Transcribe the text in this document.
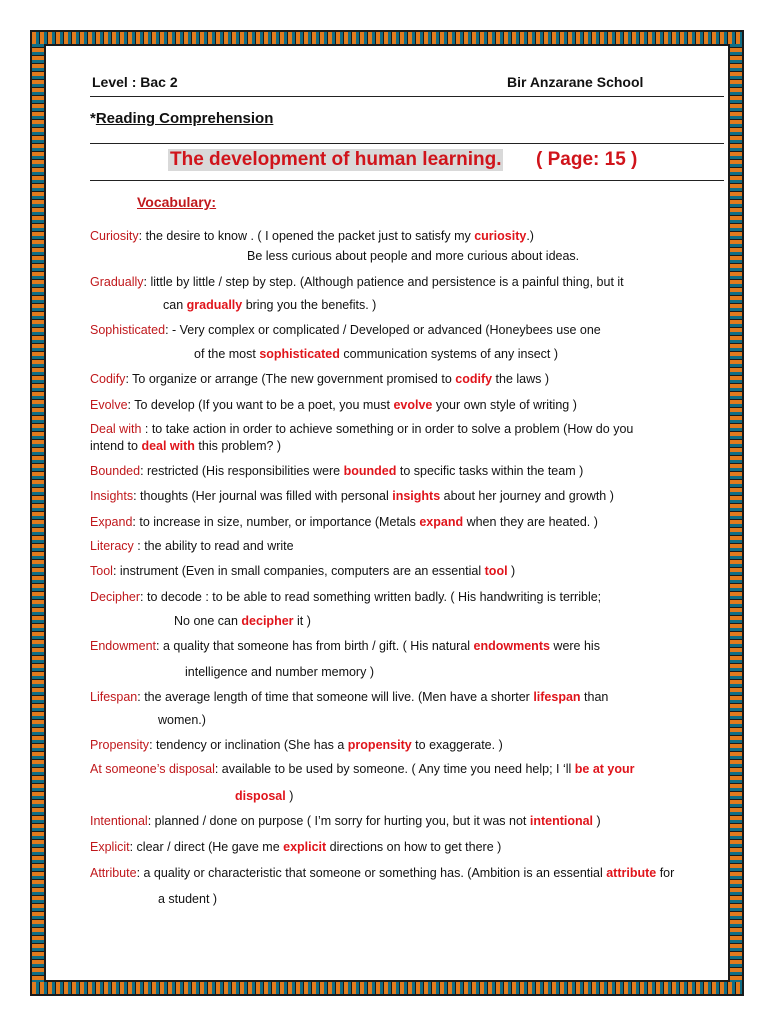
Level : Bac 2	Bir Anzarane School
*Reading Comprehension
The development of human learning. ( Page: 15 )
Vocabulary:
Curiosity: the desire to know . ( I opened the packet just to satisfy my curiosity.)
Be less curious about people and more curious about ideas.
Gradually: little by little / step by step. (Although patience and persistence is a painful thing, but it
can gradually bring you the benefits. )
Sophisticated: - Very complex or complicated / Developed or advanced (Honeybees use one
of the most sophisticated communication systems of any insect )
Codify: To organize or arrange (The new government promised to codify the laws )
Evolve: To develop (If you want to be a poet, you must evolve your own style of writing )
Deal with : to take action in order to achieve something or in order to solve a problem (How do you
intend to deal with this problem? )
Bounded: restricted (His responsibilities were bounded to specific tasks within the team )
Insights: thoughts (Her journal was filled with personal insights about her journey and growth )
Expand: to increase in size, number, or importance (Metals expand when they are heated. )
Literacy : the ability to read and write
Tool: instrument (Even in small companies, computers are an essential tool )
Decipher: to decode : to be able to read something written badly. ( His handwriting is terrible;
No one can decipher it )
Endowment: a quality that someone has from birth / gift. ( His natural endowments were his
intelligence and number memory )
Lifespan: the average length of time that someone will live. (Men have a shorter lifespan than
women.)
Propensity: tendency or inclination (She has a propensity to exaggerate. )
At someone’s disposal: available to be used by someone. ( Any time you need help; I ‘ll be at your
disposal )
Intentional: planned / done on purpose ( I’m sorry for hurting you, but it was not intentional )
Explicit: clear / direct (He gave me explicit directions on how to get there )
Attribute: a quality or characteristic that someone or something has. (Ambition is an essential attribute for
a student )
